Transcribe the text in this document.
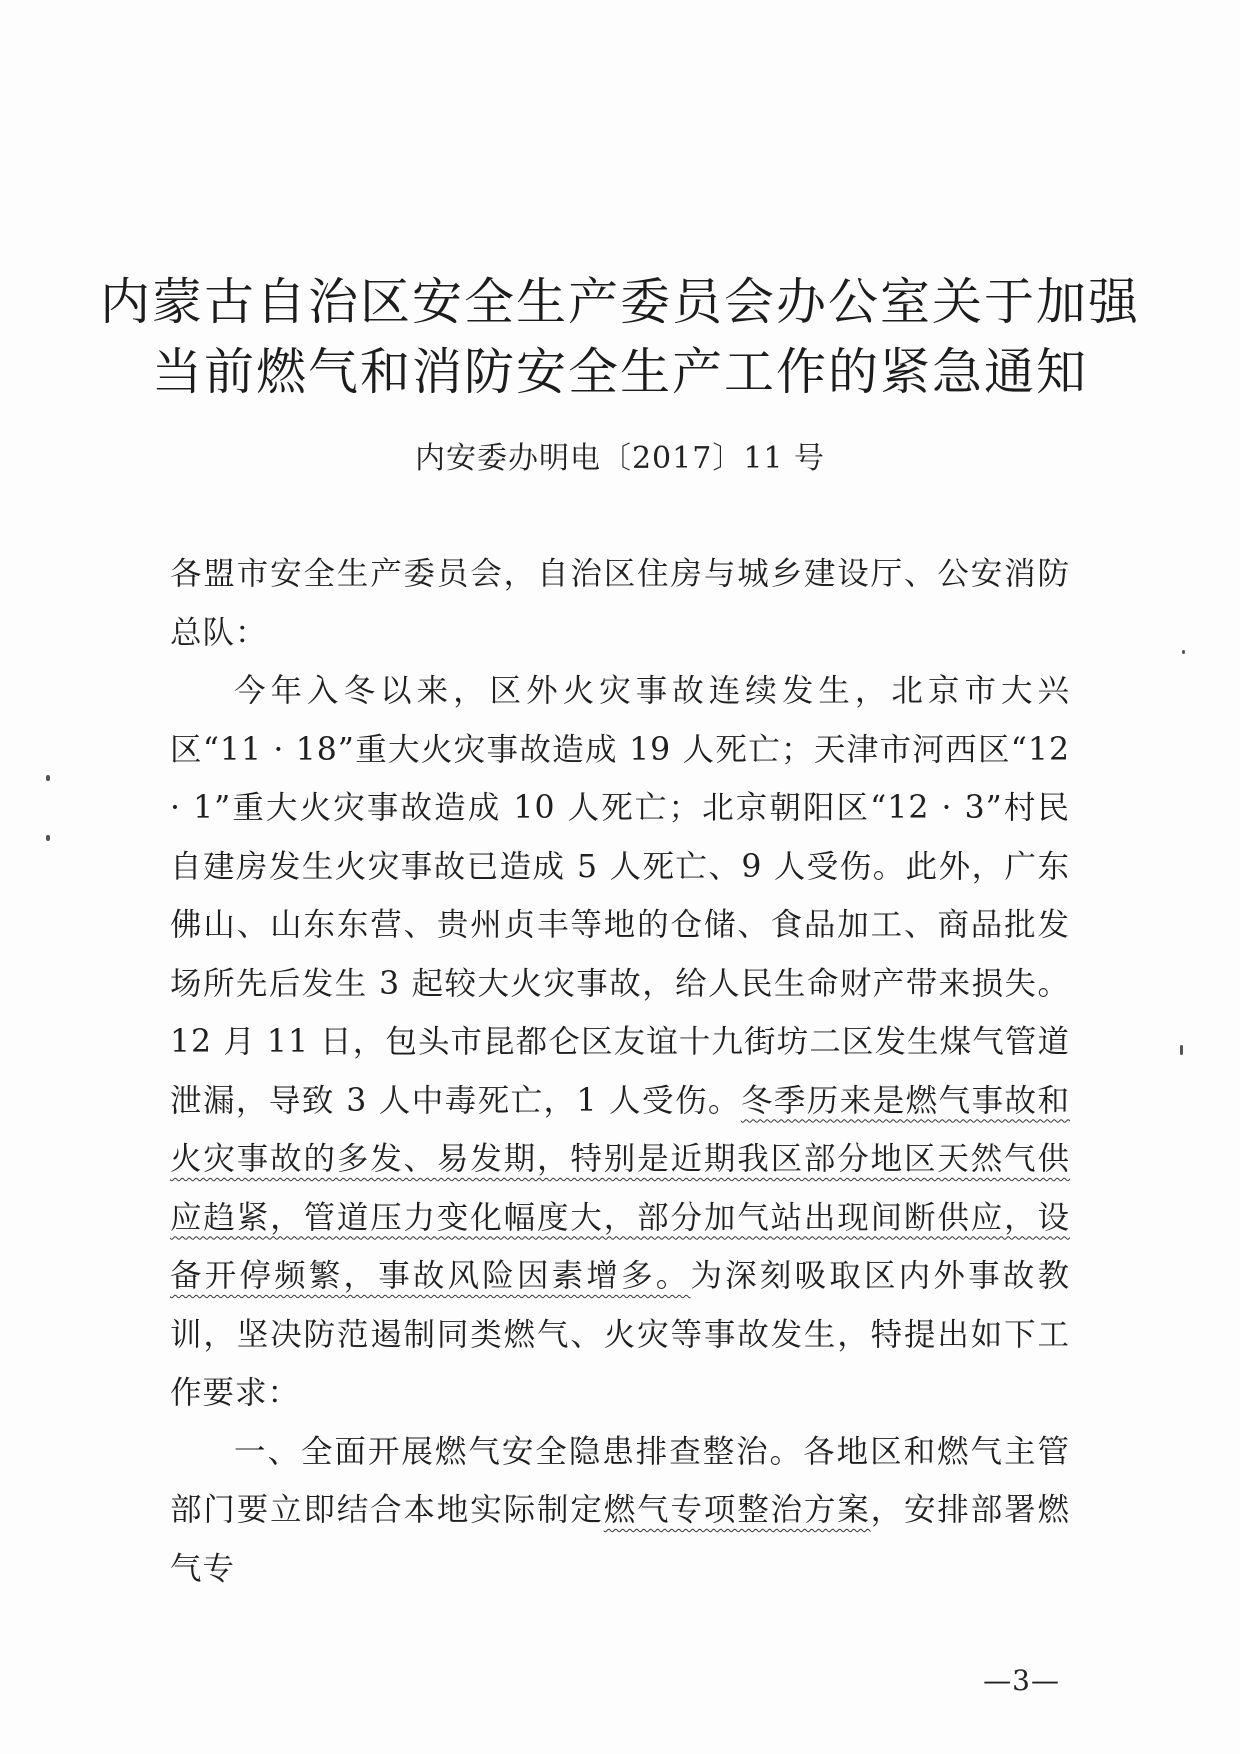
内蒙古自治区安全生产委员会办公室关于加强
当前燃气和消防安全生产工作的紧急通知
内安委办明电〔2017〕11 号

各盟市安全生产委员会，自治区住房与城乡建设厅、公安消防总队：

今年入冬以来，区外火灾事故连续发生，北京市大兴区“11 · 18”重大火灾事故造成 19 人死亡；天津市河西区“12 · 1”重大火灾事故造成 10 人死亡；北京朝阳区“12 · 3”村民自建房发生火灾事故已造成 5 人死亡、9 人受伤。此外，广东佛山、山东东营、贵州贞丰等地的仓储、食品加工、商品批发场所先后发生 3 起较大火灾事故，给人民生命财产带来损失。12 月 11 日，包头市昆都仑区友谊十九街坊二区发生煤气管道泄漏，导致 3 人中毒死亡，1 人受伤。冬季历来是燃气事故和火灾事故的多发、易发期，特别是近期我区部分地区天然气供应趋紧，管道压力变化幅度大，部分加气站出现间断供应，设备开停频繁，事故风险因素增多。为深刻吸取区内外事故教训，坚决防范遏制同类燃气、火灾等事故发生，特提出如下工作要求：

一、全面开展燃气安全隐患排查整治。各地区和燃气主管部门要立即结合本地实际制定燃气专项整治方案，安排部署燃气专

—3—
